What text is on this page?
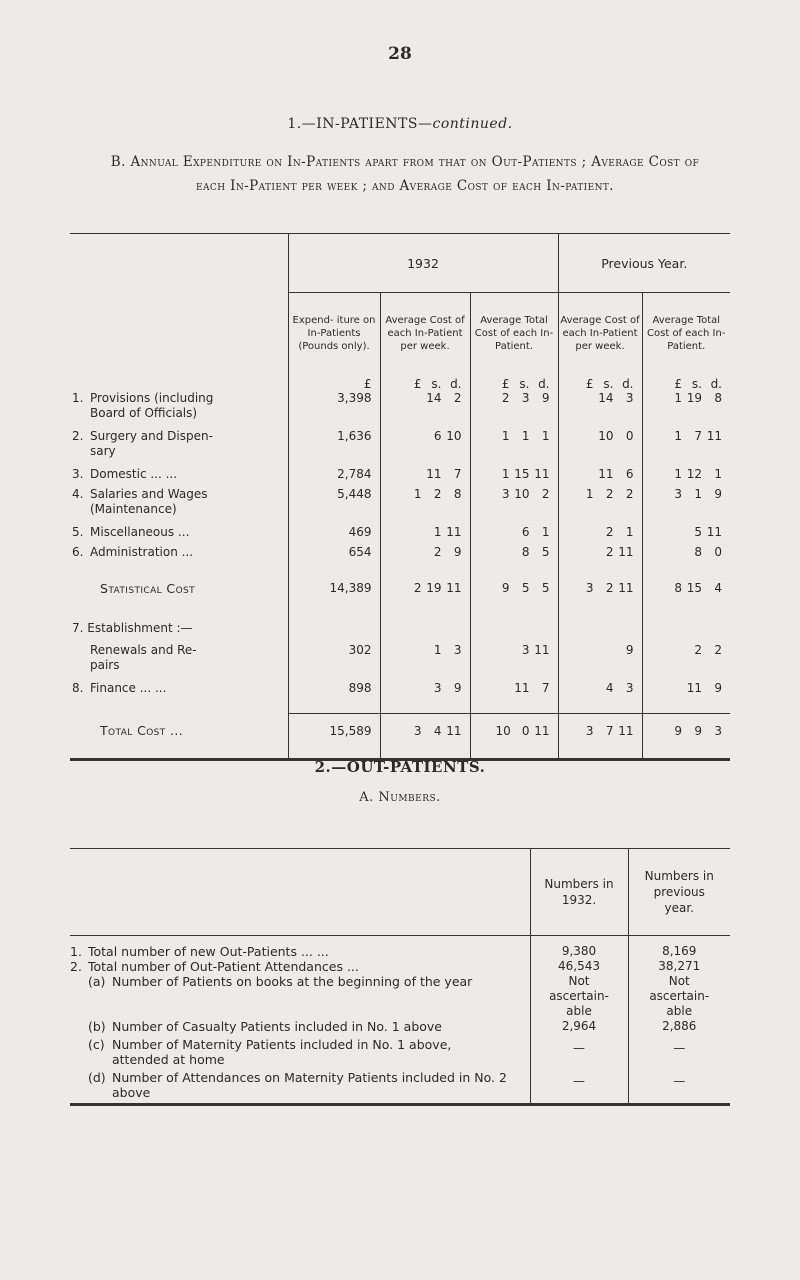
28
1.—IN-PATIENTS—continued.
B. Annual Expenditure on In-Patients apart from that on Out-Patients ; Average Cost of each In-Patient per week ; and Average Cost of each In-patient.
	1932			Previous Year.	
	Expend- iture on In-Patients (Pounds only).	Average Cost of each In-Patient per week.	Average Total Cost of each In-Patient.	Average Cost of each In-Patient per week.	Average Total Cost of each In-Patient.
	£	£ s. d.	£ s. d.	£ s. d.	£ s. d.
1. Provisions (including
Board of Officials)	3,398	14 2	2 3 9	14 3	1 19 8
2. Surgery and Dispen-
sary	1,636	6 10	1 1 1	10 0	1 7 11
3. Domestic ... ...	2,784	11 7	1 15 11	11 6	1 12 1
4. Salaries and Wages
(Maintenance)	5,448	1 2 8	3 10 2	1 2 2	3 1 9
5. Miscellaneous ...	469	1 11	6 1	2 1	5 11
6. Administration ...	654	2 9	8 5	2 11	8 0
Statistical Cost	14,389	2 19 11	9 5 5	3 2 11	8 15 4
7. Establishment :—					
Renewals and Re-
pairs	302	1 3	3 11	9	2 2
8. Finance ... ...	898	3 9	11 7	4 3	11 9
Total Cost ...	15,589	3 4 11	10 0 11	3 7 11	9 9 3
2.—OUT-PATIENTS.
A. Numbers.
	Numbers in 1932.	Numbers in previous year.
1. Total number of new Out-Patients ... ...	9,380	8,169
2. Total number of Out-Patient Attendances ...	46,543	38,271

(a) Number of Patients on books at the beginning of the year	Not ascertain- able	Not ascertain- able

(b) Number of Casualty Patients included in No. 1 above	2,964	2,886

(c) Number of Maternity Patients included in No. 1 above, attended at home	—	—

(d) Number of Attendances on Maternity Patients included in No. 2 above	—	—
